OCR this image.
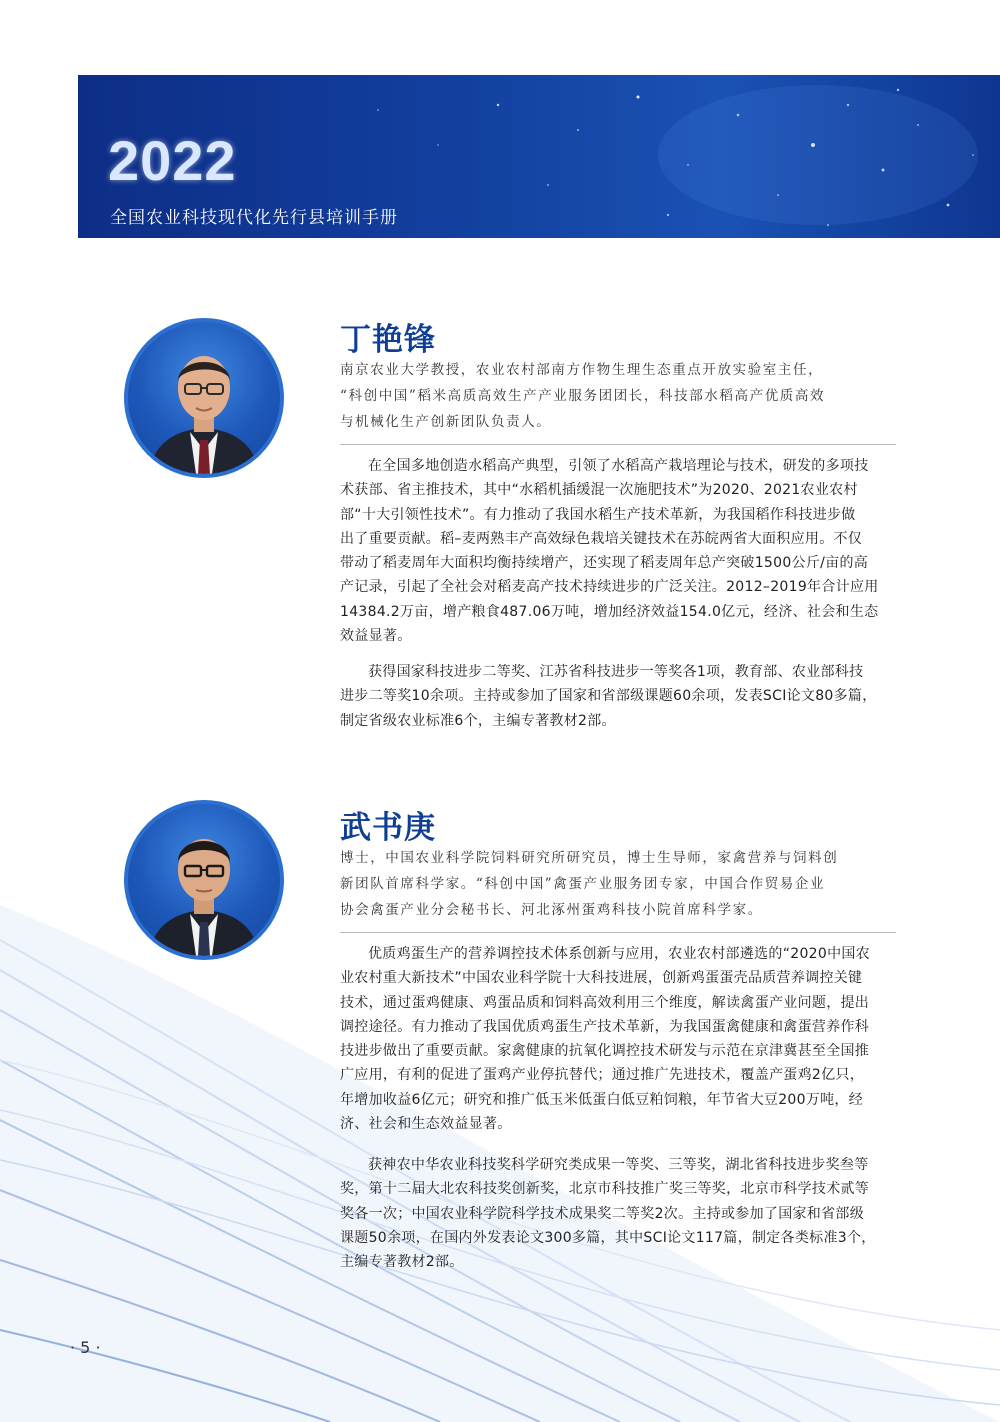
2022
全国农业科技现代化先行县培训手册
丁艳锋
南京农业大学教授，农业农村部南方作物生理生态重点开放实验室主任，
“科创中国”稻米高质高效生产产业服务团团长，科技部水稻高产优质高效
与机械化生产创新团队负责人。
在全国多地创造水稻高产典型，引领了水稻高产栽培理论与技术，研发的多项技
术获部、省主推技术，其中“水稻机插缓混一次施肥技术”为2020、2021农业农村
部“十大引领性技术”。有力推动了我国水稻生产技术革新，为我国稻作科技进步做
出了重要贡献。稻–麦两熟丰产高效绿色栽培关键技术在苏皖两省大面积应用。不仅
带动了稻麦周年大面积均衡持续增产，还实现了稻麦周年总产突破1500公斤/亩的高
产记录，引起了全社会对稻麦高产技术持续进步的广泛关注。2012–2019年合计应用
14384.2万亩，增产粮食487.06万吨，增加经济效益154.0亿元，经济、社会和生态
效益显著。
获得国家科技进步二等奖、江苏省科技进步一等奖各1项，教育部、农业部科技
进步二等奖10余项。主持或参加了国家和省部级课题60余项，发表SCI论文80多篇，
制定省级农业标准6个，主编专著教材2部。
武书庚
博士，中国农业科学院饲料研究所研究员，博士生导师，家禽营养与饲料创
新团队首席科学家。“科创中国”禽蛋产业服务团专家，中国合作贸易企业
协会禽蛋产业分会秘书长、河北涿州蛋鸡科技小院首席科学家。
优质鸡蛋生产的营养调控技术体系创新与应用，农业农村部遴选的“2020中国农
业农村重大新技术”中国农业科学院十大科技进展，创新鸡蛋蛋壳品质营养调控关键
技术，通过蛋鸡健康、鸡蛋品质和饲料高效利用三个维度，解读禽蛋产业问题，提出
调控途径。有力推动了我国优质鸡蛋生产技术革新，为我国蛋禽健康和禽蛋营养作科
技进步做出了重要贡献。家禽健康的抗氧化调控技术研发与示范在京津冀甚至全国推
广应用，有利的促进了蛋鸡产业停抗替代；通过推广先进技术，覆盖产蛋鸡2亿只，
年增加收益6亿元；研究和推广低玉米低蛋白低豆粕饲粮，年节省大豆200万吨，经
济、社会和生态效益显著。
获神农中华农业科技奖科学研究类成果一等奖、三等奖，湖北省科技进步奖叁等
奖，第十二届大北农科技奖创新奖，北京市科技推广奖三等奖，北京市科学技术贰等
奖各一次；中国农业科学院科学技术成果奖二等奖2次。主持或参加了国家和省部级
课题50余项，在国内外发表论文300多篇，其中SCI论文117篇，制定各类标准3个，
主编专著教材2部。
· 5 ·
